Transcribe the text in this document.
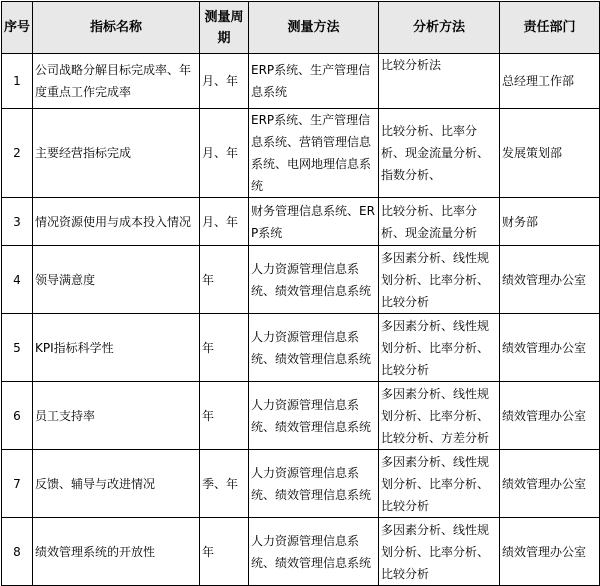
序号	指标名称	测量周期	测量方法	分析方法	责任部门
1	公司战略分解目标完成率、年度重点工作完成率	月、年	ERP系统、生产管理信息系统	比较分析法	总经理工作部
2	主要经营指标完成	月、年	ERP系统、生产管理信息系统、营销管理信息系统、电网地理信息系统	比较分析、比率分析、现金流量分析、指数分析、	发展策划部
3	情况资源使用与成本投入情况	月、年	财务管理信息系统、ERP系统	比较分析、比率分析、现金流量分析	财务部
4	领导满意度	年	人力资源管理信息系统、绩效管理信息系统	多因素分析、线性规划分析、比率分析、比较分析	绩效管理办公室
5	KPI指标科学性	年	人力资源管理信息系统、绩效管理信息系统	多因素分析、线性规划分析、比率分析、比较分析	绩效管理办公室
6	员工支持率	年	人力资源管理信息系统、绩效管理信息系统	多因素分析、线性规划分析、比率分析、比较分析、方差分析	绩效管理办公室
7	反馈、辅导与改进情况	季、年	人力资源管理信息系统、绩效管理信息系统	多因素分析、线性规划分析、比率分析、比较分析	绩效管理办公室
8	绩效管理系统的开放性	年	人力资源管理信息系统、绩效管理信息系统	多因素分析、线性规划分析、比率分析、比较分析	绩效管理办公室
